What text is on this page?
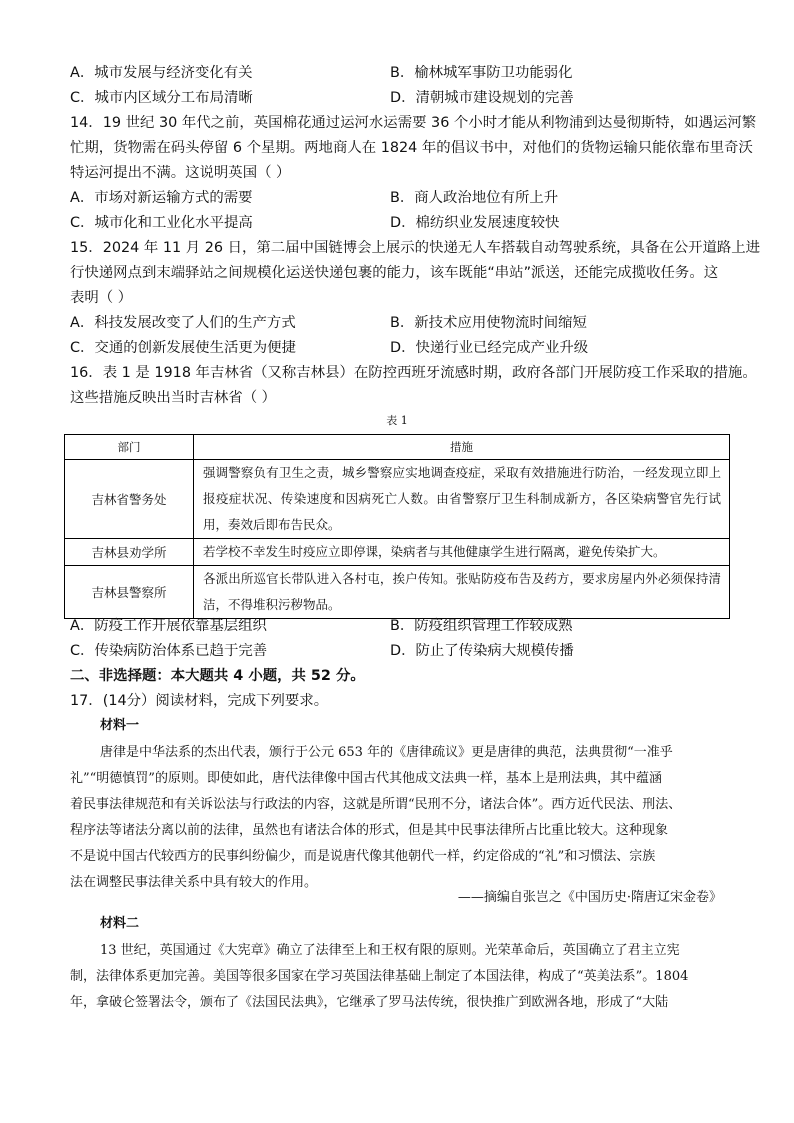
A．城市发展与经济变化有关	B．榆林城军事防卫功能弱化
C．城市内区域分工布局清晰	D．清朝城市建设规划的完善
14．19 世纪 30 年代之前，英国棉花通过运河水运需要 36 个小时才能从利物浦到达曼彻斯特，如遇运河繁
忙期，货物需在码头停留 6 个星期。两地商人在 1824 年的倡议书中，对他们的货物运输只能依靠布里奇沃
特运河提出不满。这说明英国（ ）
A．市场对新运输方式的需要	B．商人政治地位有所上升
C．城市化和工业化水平提高	D．棉纺织业发展速度较快
15．2024 年 11 月 26 日，第二届中国链博会上展示的快递无人车搭载自动驾驶系统，具备在公开道路上进
行快递网点到末端驿站之间规模化运送快递包裹的能力，该车既能“串站”派送，还能完成揽收任务。这
表明（ ）
A．科技发展改变了人们的生产方式	B．新技术应用使物流时间缩短
C．交通的创新发展使生活更为便捷	D．快递行业已经完成产业升级
16．表 1 是 1918 年吉林省（又称吉林县）在防控西班牙流感时期，政府各部门开展防疫工作采取的措施。
这些措施反映出当时吉林省（ ）
表 1
部门	措施
吉林省警务处	强调警察负有卫生之责，城乡警察应实地调查疫症，采取有效措施进行防治，一经发现立即上报疫症状况、传染速度和因病死亡人数。由省警察厅卫生科制成新方，各区染病警官先行试用，奏效后即布告民众。
吉林县劝学所	若学校不幸发生时疫应立即停课，染病者与其他健康学生进行隔离，避免传染扩大。
吉林县警察所	各派出所巡官长带队进入各村屯，挨户传知。张贴防疫布告及药方，要求房屋内外必须保持清洁，不得堆积污秽物品。
A．防疫工作开展依靠基层组织	B．防疫组织管理工作较成熟
C．传染病防治体系已趋于完善	D．防止了传染病大规模传播
二、非选择题：本大题共 4 小题，共 52 分。
17．(14分）阅读材料，完成下列要求。
材料一
唐律是中华法系的杰出代表，颁行于公元 653 年的《唐律疏议》更是唐律的典范，法典贯彻“一准乎
礼”“明德慎罚”的原则。即使如此，唐代法律像中国古代其他成文法典一样，基本上是刑法典，其中蕴涵
着民事法律规范和有关诉讼法与行政法的内容，这就是所谓“民刑不分，诸法合体”。西方近代民法、刑法、
程序法等诸法分离以前的法律，虽然也有诸法合体的形式，但是其中民事法律所占比重比较大。这种现象
不是说中国古代较西方的民事纠纷偏少，而是说唐代像其他朝代一样，约定俗成的“礼”和习惯法、宗族
法在调整民事法律关系中具有较大的作用。
——摘编自张岂之《中国历史·隋唐辽宋金卷》
材料二
13 世纪，英国通过《大宪章》确立了法律至上和王权有限的原则。光荣革命后，英国确立了君主立宪
制，法律体系更加完善。美国等很多国家在学习英国法律基础上制定了本国法律，构成了“英美法系”。1804
年，拿破仑签署法令，颁布了《法国民法典》，它继承了罗马法传统，很快推广到欧洲各地，形成了“大陆
